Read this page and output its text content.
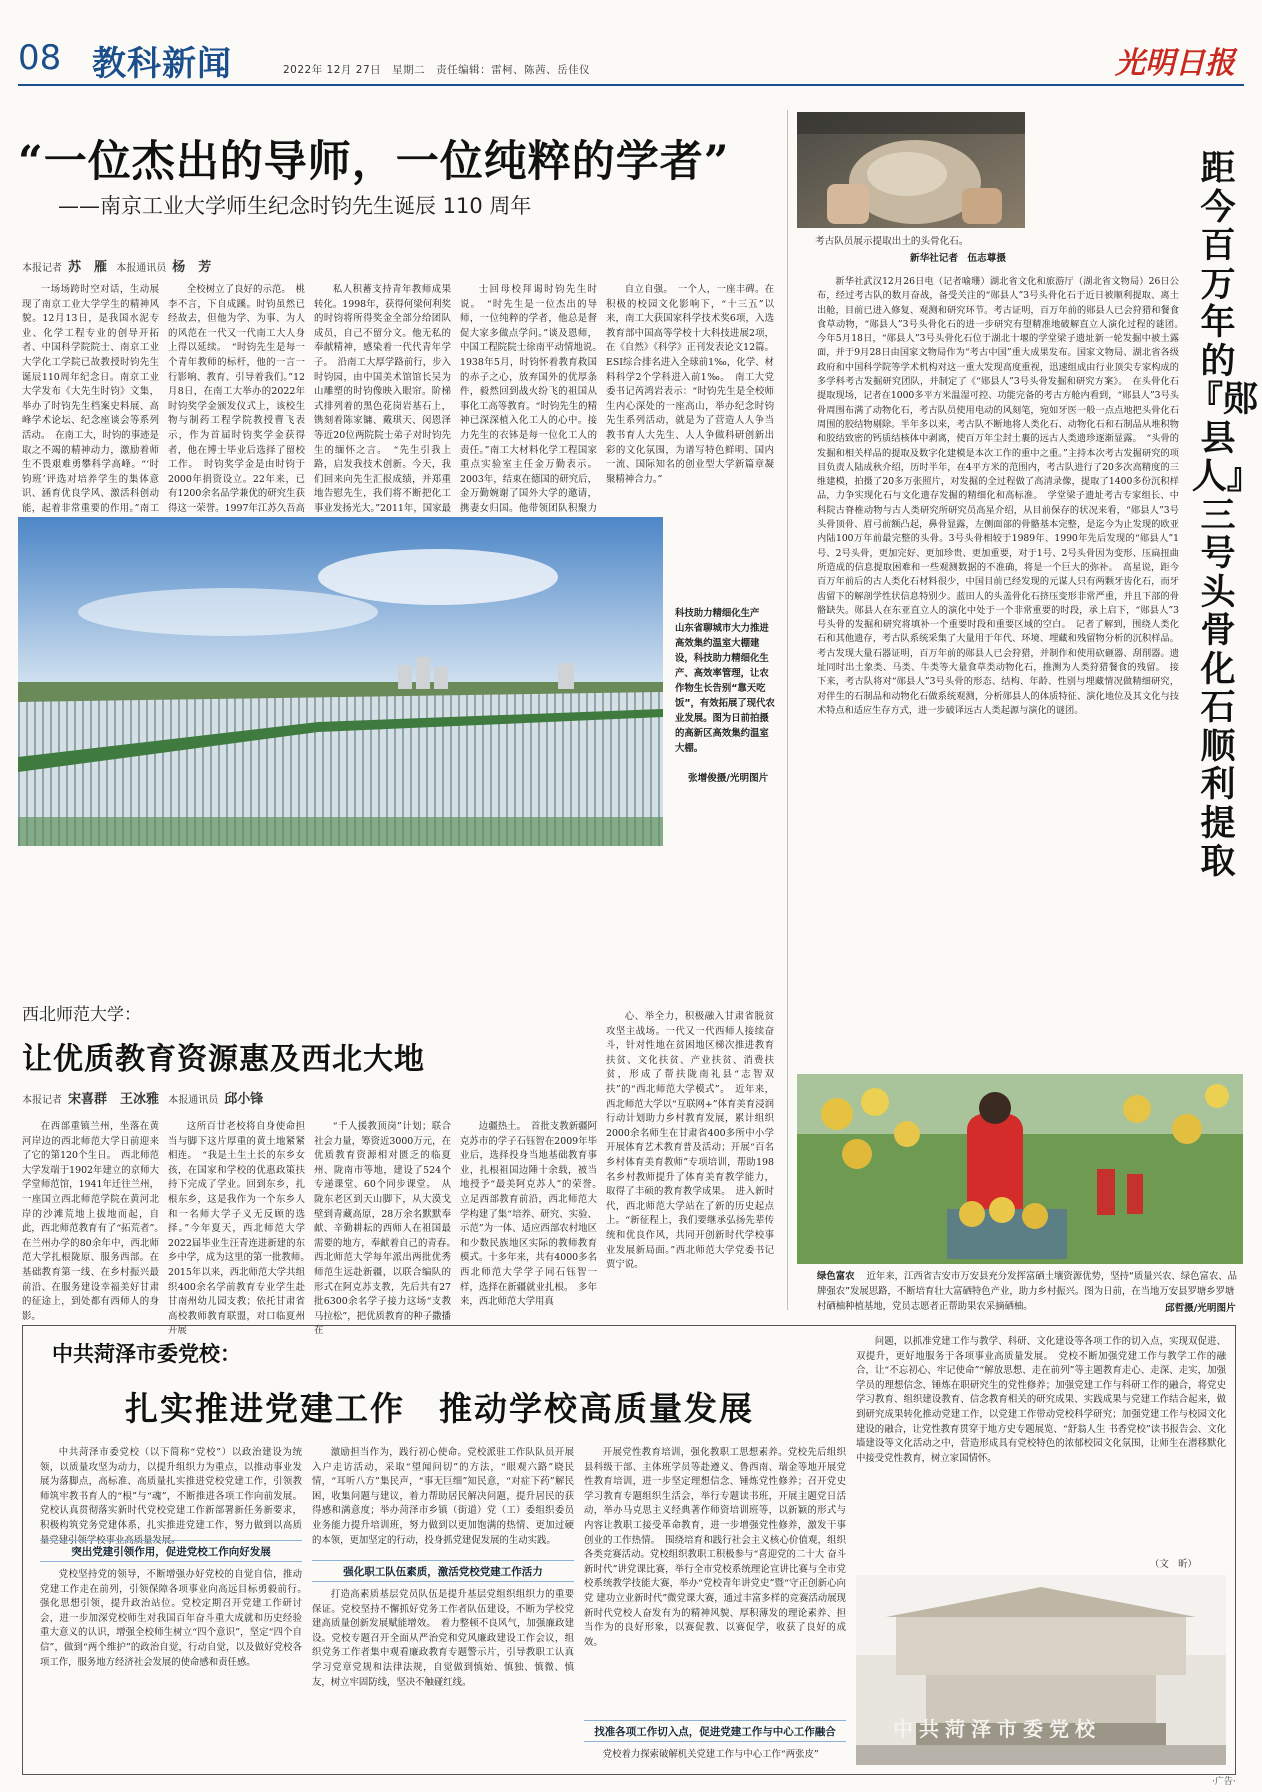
08 教科新闻	2022年 12月 27日　星期二　责任编辑：雷柯、陈茜、岳佳仪	光明日报
“一位杰出的导师，一位纯粹的学者”
——南京工业大学师生纪念时钧先生诞辰 110 周年
本报记者 苏　雁 本报通讯员 杨　芳

一场场跨时空对话，生动展现了南京工业大学学生的精神风貌。12月13日，是我国水泥专业、化学工程专业的创导开拓者、中国科学院院士、南京工业大学化工学院已故教授时钧先生诞辰110周年纪念日。南京工业大学发布《大先生时钧》文集，举办了时钧先生档案史料展、高峰学术论坛、纪念座谈会等系列活动。　在南工大，时钧的事迹是取之不竭的精神动力，激励着师生不畏艰难勇攀科学高峰。“‘时钧班’评选对培养学生的集体意识、涵育优良学风、激活科创动能，起着非常重要的作用。”南工

全校树立了良好的示范。　桃李不言，下自成蹊。时钧虽然已经故去，但他为学、为事、为人的风范在一代又一代南工大人身上得以延续。　“时钧先生是每一个青年教师的标杆，他的一言一行影响、教育、引导着我们。”12月8日，在南工大举办的2022年时钧奖学金颁发仪式上，该校生物与制药工程学院教授曹飞表示，作为首届时钧奖学金获得者，他在博士毕业后选择了留校工作。　时钧奖学金是由时钧于2000年捐资设立。22年来，已有1200余名品学兼优的研究生获得这一荣誉。1997年江苏久吾高

私人积蓄支持青年教师成果转化。1998年，获得何梁何利奖的时钧将所得奖金全部分给团队成员，自己不留分文。他无私的奉献精神，感染着一代代青年学子。　沿南工大厚学路前行，步入时钧园，由中国美术馆馆长吴为山雕塑的时钧像映入眼帘。阶梯式排列着的黑色花岗岩基石上，镌刻着陈家镛、戴琪天、闵恩泽等近20位两院院士弟子对时钧先生的缅怀之言。　“先生引我上路，启发我技术创新。今天，我们回来向先生汇报成绩，并郑重地告慰先生，我们将不断把化工事业发扬光大。”2011年，国家最

士回母校拜谒时钧先生时说。　“时先生是一位杰出的导师，一位纯粹的学者，他总是督促大家多做点学问。”谈及恩师，中国工程院院士徐南平动情地说。　1938年5月，时钧怀着教育救国的赤子之心，放弃国外的优厚条件，毅然回到战火纷飞的祖国从事化工高等教育。“时钧先生的精神已深深植入化工人的心中。接力先生的衣钵是每一位化工人的责任。”南工大材料化学工程国家重点实验室主任金万勤表示。2003年，结束在德国的研究后，金万勤婉谢了国外大学的邀请，携妻女归国。他带领团队积聚力

自立自强。　一个人，一座丰碑。在积极的校园文化影响下，“十三五”以来，南工大获国家科学技术奖6项，入选教育部中国高等学校十大科技进展2项，在《自然》《科学》正刊发表论文12篇。ESI综合排名进入全球前1‰，化学、材料科学2个学科进入前1‰。　南工大党委书记芮鸿岩表示：“时钧先生是全校师生内心深处的一座高山，举办纪念时钧先生系列活动，就是为了营造人人争当教书育人大先生、人人争做科研创新出彩的文化氛围，为谱写特色鲜明、国内一流、国际知名的创业型大学新篇章凝聚精神合力。”

考古队员展示提取出土的头骨化石。
新华社记者　伍志尊摄
距今百万年的『郧县人』三号头骨化石顺利提取

新华社武汉12月26日电（记者喻珊）湖北省文化和旅游厅（湖北省文物局）26日公布，经过考古队的数月奋战，备受关注的“郧县人”3号头骨化石于近日被顺利提取、离土出舱，目前已进入修复、观测和研究环节。考古证明，百万年前的郧县人已会狩猎和餐食食草动物，“郧县人”3号头骨化石的进一步研究有望精准地破解直立人演化过程的谜团。　今年5月18日，“郧县人”3号头骨化石位于湖北十堰的学堂梁子遗址新一轮发掘中被土露面，并于9月28日由国家文物局作为“考古中国”重大成果发布。国家文物局、湖北省各级政府和中国科学院等学术机构对这一重大发现高度重视，迅速组成由行业顶尖专家构成的多学科考古发掘研究团队，并制定了《“郧县人”3号头骨发掘和研究方案》。　在头骨化石提取现场，记者在1000多平方米温湿可控、功能完备的考古方舱内看到，“郧县人”3号头骨周围布满了动物化石，考古队员使用电动的风刻笔，宛如牙医一般一点点地把头骨化石周围的胶结物剔除。半年多以来，考古队不断地将人类化石、动物化石和石制品从堆积物和胶结致密的钙质结核体中剥离，使百万年尘封土裹的远古人类遗珍逐渐显露。　“头骨的发掘和相关样品的提取及数字化建模是本次工作的重中之重。”主持本次考古发掘研究的项目负责人陆成秋介绍，历时半年，在4平方米的范围内，考古队进行了20多次高精度的三维建模，拍摄了20多万张照片，对发掘的全过程做了高清录像，提取了1400多份沉积样品，力争实现化石与文化遗存发掘的精细化和高标准。　学堂梁子遗址考古专家组长、中科院古脊椎动物与古人类研究所研究员高星介绍，从目前保存的状况来看，“郧县人”3号头骨顶骨、眉弓前额凸起，鼻骨显露，左侧面部的骨骼基本完整，是迄今为止发现的欧亚内陆100万年前最完整的头骨。3号头骨相较于1989年、1990年先后发现的“郧县人”1号、2号头骨，更加完好、更加珍贵、更加重要，对于1号、2号头骨因为变形、压扁扭曲所造成的信息提取困难和一些观测数据的不准确，将是一个巨大的弥补。　高星说，距今百万年前后的古人类化石材料很少，中国目前已经发现的元谋人只有两颗牙齿化石，而牙齿留下的解剖学性状信息特别少。蓝田人的头盖骨化石挤压变形非常严重，并且下部的骨骼缺失。郧县人在东亚直立人的演化中处于一个非常重要的时段，承上启下，“郧县人”3号头骨的发掘和研究将填补一个重要时段和重要区域的空白。　记者了解到，围绕人类化石和其他遗存，考古队系统采集了大量用于年代、环境、埋藏和残留物分析的沉积样品。考古发现大量石器证明，百万年前的郧县人已会狩猎，并制作和使用砍砸器、刮削器。遗址同时出土象类、马类、牛类等大量食草类动物化石，推测为人类狩猎餐食的残留。　接下来，考古队将对“郧县人”3号头骨的形态、结构、年龄、性别与埋藏情况做精细研究，对伴生的石制品和动物化石做系统观测，分析郧县人的体质特征、演化地位及其文化与技术特点和适应生存方式，进一步破译远古人类起源与演化的谜团。

科技助力精细化生产　山东省聊城市大力推进高效集约温室大棚建设，科技助力精细化生产、高效率管理，让农作物生长告别“靠天吃饭”，有效拓展了现代农业发展。图为日前拍摄的高新区高效集约温室大棚。
张增俊摄/光明图片
西北师范大学：
让优质教育资源惠及西北大地
本报记者 宋喜群　王冰雅 本报通讯员 邱小锋

在西部重镇兰州，坐落在黄河岸边的西北师范大学日前迎来了它的第120个生日。　西北师范大学发端于1902年建立的京师大学堂师范馆，1941年迁往兰州，一座国立西北师范学院在黄河北岸的沙滩荒地上拔地而起，自此，西北师范教育有了“拓荒者”。　在兰州办学的80余年中，西北师范大学扎根陇原、服务西部。在基础教育第一线、在乡村振兴最前沿、在服务建设幸福美好甘肃的征途上，到处都有西师人的身影。

这所百廿老校将自身使命担当与脚下这片厚重的黄土地紧紧相连。　“我是土生土长的东乡女孩，在国家和学校的优惠政策扶持下完成了学业。回到东乡，扎根东乡，这是我作为一个东乡人和一名师大学子义无反顾的选择。”今年夏天，西北师范大学2022届毕业生汪青连进新建的东乡中学，成为这里的第一批教师。　2015年以来，西北师范大学共组织400余名学前教育专业学生赴甘南州幼儿园支教；依托甘肃省高校教师教育联盟，对口临夏州开展

“千人援教顶岗”计划；联合社会力量，筹资近3000万元，在优质教育资源相对匮乏的临夏州、陇南市等地，建设了524个专递课堂、60个同步课堂。　从陇东老区到天山脚下，从大漠戈壁到青藏高原，28万余名默默奉献、辛勤耕耘的西师人在祖国最需要的地方，奉献着自己的青春。　西北师范大学每年派出两批优秀师范生远赴新疆，以联合编队的形式在阿克苏支教，先后共有27批6300余名学子接力这场“支教马拉松”，把优质教育的种子撒播在

边疆热土。　首批支教新疆阿克苏市的学子石钰智在2009年毕业后，选择投身当地基础教育事业，扎根祖国边陲十余载，被当地授予“最美阿克苏人”的荣誉。　立足西部教育前沿，西北师范大学构建了集“培养、研究、实验、示范”为一体、适应西部农村地区和少数民族地区实际的教师教育模式。十多年来，共有4000多名西北师范大学学子同石钰智一样，选择在新疆就业扎根。　多年来，西北师范大学用真

心、举全力，积极融入甘肃省脱贫攻坚主战场。一代又一代西师人接续奋斗，针对性地在贫困地区梯次推进教育扶贫、文化扶贫、产业扶贫、消费扶贫，形成了帮扶陇南礼县“志智双扶”的“西北师范大学模式”。　近年来，西北师范大学以“互联网+”体育美育浸润行动计划助力乡村教育发展，累计组织2000余名师生在甘肃省400多所中小学开展体育艺术教育普及活动；开展“百名乡村体育美育教师”专项培训，帮助198名乡村教师提升了体育美育教学能力，取得了丰硕的教育教学成果。　进入新时代，西北师范大学站在了新的历史起点上。“新征程上，我们要继承弘扬先辈传统和优良作风，共同开创新时代学校事业发展新局面。”西北师范大学党委书记贾宁说。

绿色富农 近年来，江西省吉安市万安县充分发挥富硒土壤资源优势，坚持“质量兴农、绿色富农、品牌强农”发展思路，不断培育壮大富硒特色产业，助力乡村振兴。图为日前，在当地万安县罗塘乡罗塘村硒柚种植基地，党员志愿者正帮助果农采摘硒柚。	邱哲摄/光明图片
中共菏泽市委党校：
扎实推进党建工作 推动学校高质量发展

中共菏泽市委党校（以下简称“党校”）以政治建设为统领，以质量攻坚为动力，以提升组织力为重点，以推动事业发展为落脚点，高标准、高质量扎实推进党校党建工作，引领教师筑牢教书育人的“根”与“魂”，不断推进各项工作向前发展。党校认真贯彻落实新时代党校党建工作新部署新任务新要求，积极构筑党务党建体系，扎实推进党建工作，努力做到以高质量党建引领学校事业高质量发展。

突出党建引领作用，促进党校工作向好发展

党校坚持党的领导，不断增强办好党校的自觉自信，推动党建工作走在前列，引领保障各项事业向高远目标勇毅前行。　强化思想引领，提升政治站位。党校定期召开党建工作研讨会，进一步加深党校师生对我国百年奋斗重大成就和历史经验重大意义的认识，增强全校师生树立“四个意识”，坚定“四个自信”，做到“两个维护”的政治自觉，行动自觉，以及做好党校各项工作，服务地方经济社会发展的使命感和责任感。

激励担当作为，践行初心使命。党校派驻工作队队员开展入户走访活动，采取“望闻问切”的方法，“眼观六路”晓民情，“耳听八方”集民声，“事无巨细”知民意，“对症下药”解民困，收集问题与建议，着力帮助居民解决问题，提升居民的获得感和满意度；举办菏泽市乡镇（街道）党（工）委组织委员业务能力提升培训班，努力做到以更加饱满的热情、更加过硬的本领，更加坚定的行动，投身抓党建促发展的生动实践。

强化职工队伍素质，激活党校党建工作活力

打造高素质基层党员队伍是提升基层党组织组织力的重要保证。党校坚持不懈抓好党务工作者队伍建设，不断为学校党建高质量创新发展赋能增效。　着力整顿不良风气，加强廉政建设。党校专题召开全面从严治党和党风廉政建设工作会议，组织党务工作者集中观看廉政教育专题警示片，引导教职工认真学习党章党规和法律法规，自觉做到慎始、慎独、慎微、慎友，树立牢固防线，坚决不触碰红线。

开展党性教育培训，强化教职工思想素养。党校先后组织县科级干部、主体班学员等赴遵义、鲁西南、瑞金等地开展党性教育培训，进一步坚定理想信念、锤炼党性修养；召开党史学习教育专题组织生活会，举行专题读书班，开展主题党日活动，举办马克思主义经典著作师资培训班等，以新颖的形式与内容让教职工接受革命教育，进一步增强党性修养，激发干事创业的工作热情。　围绕培育和践行社会主义核心价值观，组织各类竞赛活动。党校组织教职工积极参与“喜迎党的二十大 奋斗新时代”讲党课比赛，举行全市党校系统理论宣讲比赛与全市党校系统教学技能大赛，举办“党校青年讲党史”暨“守正创新心向党 建功立业新时代”微党课大赛，通过丰富多样的竞赛活动展现新时代党校人奋发有为的精神风貌、厚积薄发的理论素养、担当作为的良好形象，以赛促教、以赛促学，收获了良好的成效。

找准各项工作切入点，促进党建工作与中心工作融合

党校着力探索破解机关党建工作与中心工作“两张皮”

问题，以抓准党建工作与教学、科研、文化建设等各项工作的切入点，实现双促进、双提升，更好地服务于各项事业高质量发展。　党校不断加强党建工作与教学工作的融合，让“不忘初心、牢记使命”“解放思想、走在前列”等主题教育走心、走深、走实，加强学员的理想信念、锤炼在职研究生的党性修养；加强党建工作与科研工作的融合，将党史学习教育、组织建设教育、信念教育相关的研究成果、实践成果与党建工作结合起来，做到研究成果转化推动党建工作，以党建工作带动党校科学研究；加强党建工作与校园文化建设的融合，让党性教育贯穿于地方史专题展览、“舒翁人生 书香党校”读书报告会、文化墙建设等文化活动之中，营造形成具有党校特色的浓郁校园文化氛围，让师生在潜移默化中接受党性教育，树立家国情怀。

（文　昕）
中共菏泽市委党校
·广告·
